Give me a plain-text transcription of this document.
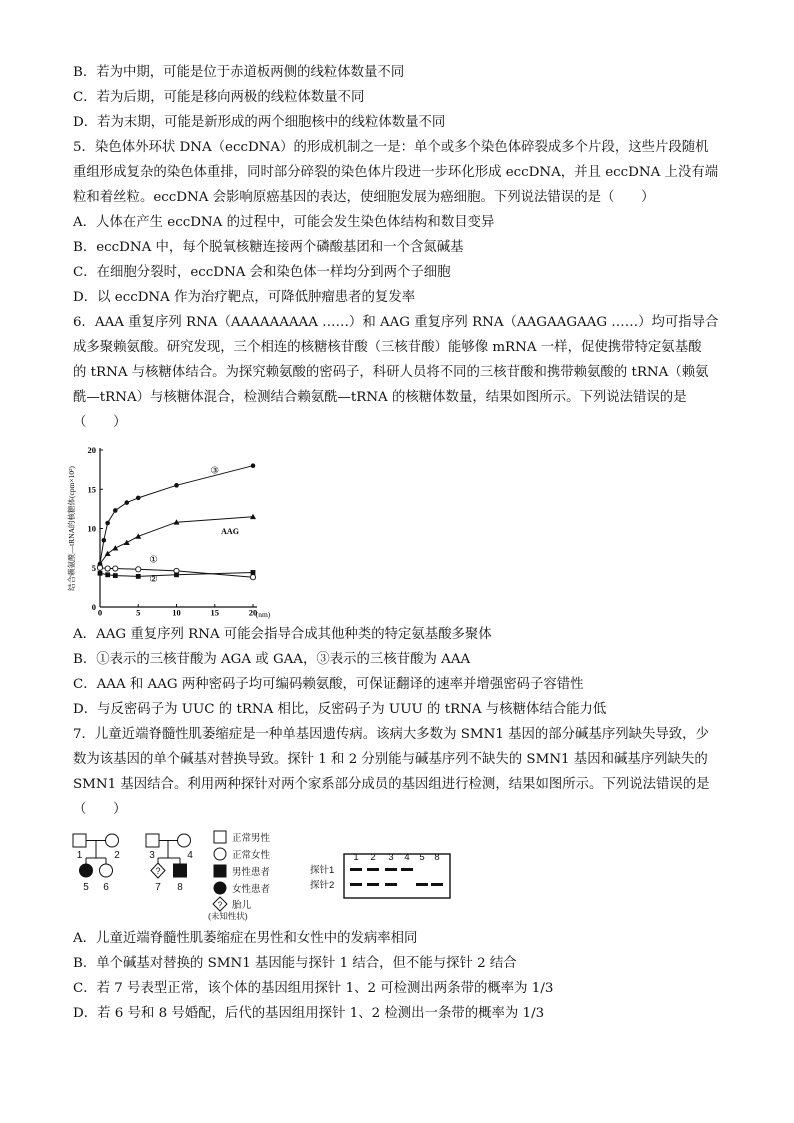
B．若为中期，可能是位于赤道板两侧的线粒体数量不同
C．若为后期，可能是移向两极的线粒体数量不同
D．若为末期，可能是新形成的两个细胞核中的线粒体数量不同
5．染色体外环状 DNA（eccDNA）的形成机制之一是：单个或多个染色体碎裂成多个片段，这些片段随机
重组形成复杂的染色体重排，同时部分碎裂的染色体片段进一步环化形成 eccDNA，并且 eccDNA 上没有端
粒和着丝粒。eccDNA 会影响原癌基因的表达，使细胞发展为癌细胞。下列说法错误的是（　　）
A．人体在产生 eccDNA 的过程中，可能会发生染色体结构和数目变异
B．eccDNA 中，每个脱氧核糖连接两个磷酸基团和一个含氮碱基
C．在细胞分裂时，eccDNA 会和染色体一样均分到两个子细胞
D．以 eccDNA 作为治疗靶点，可降低肿瘤患者的复发率
6．AAA 重复序列 RNA（AAAAAAAAA ……）和 AAG 重复序列 RNA（AAGAAGAAG ……）均可指导合
成多聚赖氨酸。研究发现，三个相连的核糖核苷酸（三核苷酸）能够像 mRNA 一样，促使携带特定氨基酸
的 tRNA 与核糖体结合。为探究赖氨酸的密码子，科研人员将不同的三核苷酸和携带赖氨酸的 tRNA（赖氨
酰—tRNA）与核糖体混合，检测结合赖氨酰—tRNA 的核糖体数量，结果如图所示。下列说法错误的是
（　　）
0
0
5
5
10
10
15
15
20
20
(nm)
结合赖氨酰—tRNA的核糖体(cpm×10³)	③
AAG
①
②
A．AAG 重复序列 RNA 可能会指导合成其他种类的特定氨基酸多聚体
B．①表示的三核苷酸为 AGA 或 GAA，③表示的三核苷酸为 AAA
C．AAA 和 AAG 两种密码子均可编码赖氨酸，可保证翻译的速率并增强密码子容错性
D．与反密码子为 UUC 的 tRNA 相比，反密码子为 UUU 的 tRNA 与核糖体结合能力低
7．儿童近端脊髓性肌萎缩症是一种单基因遗传病。该病大多数为 SMN1 基因的部分碱基序列缺失导致，少
数为该基因的单个碱基对替换导致。探针 1 和 2 分别能与碱基序列不缺失的 SMN1 基因和碱基序列缺失的
SMN1 基因结合。利用两种探针对两个家系部分成员的基因组进行检测，结果如图所示。下列说法错误的是
（　　）
1	2
5 6
3	4
7 8
?
?
正常男性
正常女性
男性患者
女性患者
胎儿
(未知性状)
1 2 3 4 5 8
探针1
探针2
A．儿童近端脊髓性肌萎缩症在男性和女性中的发病率相同
B．单个碱基对替换的 SMN1 基因能与探针 1 结合，但不能与探针 2 结合
C．若 7 号表型正常，该个体的基因组用探针 1、2 可检测出两条带的概率为 1/3
D．若 6 号和 8 号婚配，后代的基因组用探针 1、2 检测出一条带的概率为 1/3
